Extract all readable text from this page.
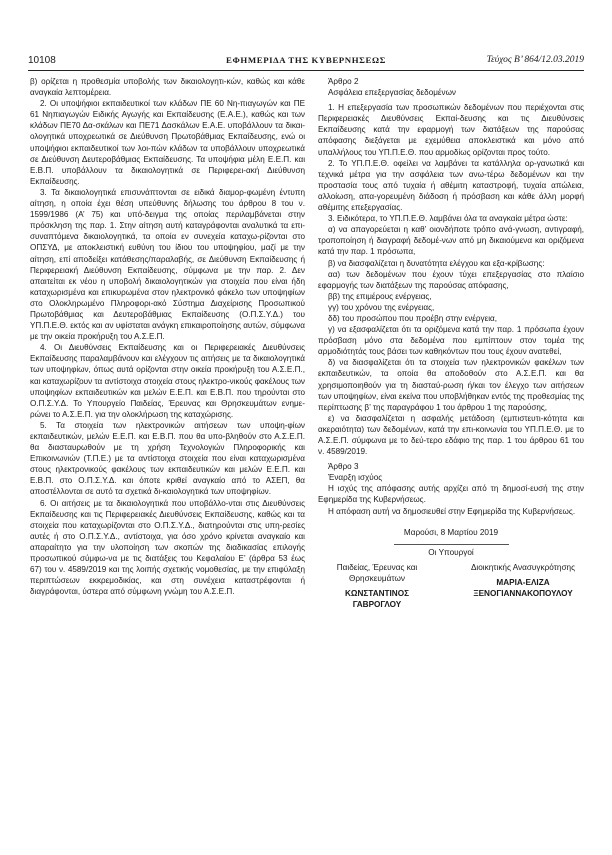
10108	ΕΦΗΜΕΡΙΔΑ ΤΗΣ ΚΥΒΕΡΝΗΣΕΩΣ	Τεύχος Β’ 864/12.03.2019

β) ορίζεται η προθεσμία υποβολής των δικαιολογητι-κών, καθώς και κάθε αναγκαία λεπτομέρεια.

2. Οι υποψήφιοι εκπαιδευτικοί των κλάδων ΠΕ 60 Νη-πιαγωγών και ΠΕ 61 Νηπιαγωγών Ειδικής Αγωγής και Εκπαίδευσης (Ε.Α.Ε.), καθώς και των κλάδων ΠΕ70 Δα-σκάλων και ΠΕ71 Δασκάλων Ε.Α.Ε. υποβάλλουν τα δικαι-ολογητικά υποχρεωτικά σε Διεύθυνση Πρωτοβάθμιας Εκπαίδευσης, ενώ οι υποψήφιοι εκπαιδευτικοί των λοι-πών κλάδων τα υποβάλλουν υποχρεωτικά σε Διεύθυνση Δευτεροβάθμιας Εκπαίδευσης. Τα υποψήφια μέλη Ε.Ε.Π. και Ε.Β.Π. υποβάλλουν τα δικαιολογητικά σε Περιφερει-ακή Διεύθυνση Εκπαίδευσης.

3. Τα δικαιολογητικά επισυνάπτονται σε ειδικά διαμορ-φωμένη έντυπη αίτηση, η οποία έχει θέση υπεύθυνης δήλωσης του άρθρου 8 του ν. 1599/1986 (Α’ 75) και υπό-δειγμα της οποίας περιλαμβάνεται στην πρόσκληση της παρ. 1. Στην αίτηση αυτή καταγράφονται αναλυτικά τα επι-συναπτόμενα δικαιολογητικά, τα οποία εν συνεχεία καταχω-ρίζονται στο ΟΠΣΥΔ, με αποκλειστική ευθύνη του ίδιου του υποψηφίου, μαζί με την αίτηση, επί αποδείξει κατάθεσης/παραλαβής, σε Διεύθυνση Εκπαίδευσης ή Περιφερειακή Διεύθυνση Εκπαίδευσης, σύμφωνα με την παρ. 2. Δεν απαιτείται εκ νέου η υποβολή δικαιολογητικών για στοιχεία που είναι ήδη καταχωρισμένα και επικυρωμένα στον ηλεκτρονικό φάκελο των υποψηφίων στο Ολοκληρωμένο Πληροφορι-ακό Σύστημα Διαχείρισης Προσωπικού Πρωτοβάθμιας και Δευτεροβάθμιας Εκπαίδευσης (Ο.Π.Σ.Υ.Δ.) του ΥΠ.Π.Ε.Θ. εκτός και αν υφίσταται ανάγκη επικαιροποίησης αυτών, σύμφωνα με την οικεία προκήρυξη του Α.Σ.Ε.Π.

4. Οι Διευθύνσεις Εκπαίδευσης και οι Περιφερειακές Διευθύνσεις Εκπαίδευσης παραλαμβάνουν και ελέγχουν τις αιτήσεις με τα δικαιολογητικά των υποψηφίων, όπως αυτά ορίζονται στην οικεία προκήρυξη του Α.Σ.Ε.Π., και καταχωρίζουν τα αντίστοιχα στοιχεία στους ηλεκτρο-νικούς φακέλους των υποψηφίων εκπαιδευτικών και μελών Ε.Ε.Π. και Ε.Β.Π. που τηρούνται στο Ο.Π.Σ.Υ.Δ. Το Υπουργείο Παιδείας, Έρευνας και Θρησκευμάτων ενημε-ρώνει το Α.Σ.Ε.Π. για την ολοκλήρωση της καταχώρισης.

5. Τα στοιχεία των ηλεκτρονικών αιτήσεων των υποψη-φίων εκπαιδευτικών, μελών Ε.Ε.Π. και Ε.Β.Π. που θα υπο-βληθούν στο Α.Σ.Ε.Π. θα διασταυρωθούν με τη χρήση Τεχνολογιών Πληροφορικής και Επικοινωνιών (Τ.Π.Ε.) με τα αντίστοιχα στοιχεία που είναι καταχωρισμένα στους ηλεκτρονικούς φακέλους των εκπαιδευτικών και μελών Ε.Ε.Π. και Ε.Β.Π. στο Ο.Π.Σ.Υ.Δ. και όποτε κριθεί αναγκαίο από το ΑΣΕΠ, θα αποστέλλονται σε αυτό τα σχετικά δι-καιολογητικά των υποψηφίων.

6. Οι αιτήσεις με τα δικαιολογητικά που υποβάλλο-νται στις Διευθύνσεις Εκπαίδευσης και τις Περιφερειακές Διευθύνσεις Εκπαίδευσης, καθώς και τα στοιχεία που καταχωρίζονται στο Ο.Π.Σ.Υ.Δ., διατηρούνται στις υπη-ρεσίες αυτές ή στο Ο.Π.Σ.Υ.Δ., αντίστοιχα, για όσο χρόνο κρίνεται αναγκαίο και απαραίτητο για την υλοποίηση των σκοπών της διαδικασίας επιλογής προσωπικού σύμφω-να με τις διατάξεις του Κεφαλαίου Ε’ (άρθρα 53 έως 67) του ν. 4589/2019 και της λοιπής σχετικής νομοθεσίας, με την επιφύλαξη περιπτώσεων εκκρεμοδικίας, και στη συνέχεια καταστρέφονται ή διαγράφονται, ύστερα από σύμφωνη γνώμη του Α.Σ.Ε.Π.

Άρθρο 2

Ασφάλεια επεξεργασίας δεδομένων

1. Η επεξεργασία των προσωπικών δεδομένων που περιέχονται στις Περιφερειακές Διευθύνσεις Εκπαί-δευσης και τις Διευθύνσεις Εκπαίδευσης κατά την εφαρμογή των διατάξεων της παρούσας απόφασης διεξάγεται με εχεμύθεια αποκλειστικά και μόνο από υπαλλήλους του ΥΠ.Π.Ε.Θ. που αρμοδίως ορίζονται προς τούτο.

2. Το ΥΠ.Π.Ε.Θ. οφείλει να λαμβάνει τα κατάλληλα ορ-γανωτικά και τεχνικά μέτρα για την ασφάλεια των ανω-τέρω δεδομένων και την προστασία τους από τυχαία ή αθέμιτη καταστροφή, τυχαία απώλεια, αλλοίωση, απα-γορευμένη διάδοση ή πρόσβαση και κάθε άλλη μορφή αθέμιτης επεξεργασίας.

3. Ειδικότερα, το ΥΠ.Π.Ε.Θ. λαμβάνει όλα τα αναγκαία μέτρα ώστε:

α) να απαγορεύεται η καθ’ οιονδήποτε τρόπο ανά-γνωση, αντιγραφή, τροποποίηση ή διαγραφή δεδομέ-νων από μη δικαιούμενα και οριζόμενα κατά την παρ. 1 πρόσωπα,

β) να διασφαλίζεται η δυνατότητα ελέγχου και εξα-κρίβωσης:

αα) των δεδομένων που έχουν τύχει επεξεργασίας στο πλαίσιο εφαρμογής των διατάξεων της παρούσας απόφασης,

ββ) της επιμέρους ενέργειας,

γγ) του χρόνου της ενέργειας,

δδ) του προσώπου που προέβη στην ενέργεια,

γ) να εξασφαλίζεται ότι τα οριζόμενα κατά την παρ. 1 πρόσωπα έχουν πρόσβαση μόνο στα δεδομένα που εμπίπτουν στον τομέα της αρμοδιότητάς τους βάσει των καθηκόντων που τους έχουν ανατεθεί,

δ) να διασφαλίζεται ότι τα στοιχεία των ηλεκτρονικών φακέλων των εκπαιδευτικών, τα οποία θα αποδοθούν στο Α.Σ.Ε.Π. και θα χρησιμοποιηθούν για τη διασταύ-ρωση ή/και τον έλεγχο των αιτήσεων των υποψηφίων, είναι εκείνα που υποβλήθηκαν εντός της προθεσμίας της περίπτωσης β’ της παραγράφου 1 του άρθρου 1 της παρούσης,

ε) να διασφαλίζεται η ασφαλής μετάδοση (εμπιστευτι-κότητα και ακεραιότητα) των δεδομένων, κατά την επι-κοινωνία του ΥΠ.Π.Ε.Θ. με το Α.Σ.Ε.Π. σύμφωνα με το δεύ-τερο εδάφιο της παρ. 1 του άρθρου 61 του ν. 4589/2019.

Άρθρο 3

Έναρξη ισχύος

Η ισχύς της απόφασης αυτής αρχίζει από τη δημοσί-ευσή της στην Εφημερίδα της Κυβερνήσεως.

Η απόφαση αυτή να δημοσιευθεί στην Εφημερίδα της Κυβερνήσεως.

Μαρούσι, 8 Μαρτίου 2019
Οι Υπουργοί
Παιδείας, Έρευνας και Θρησκευμάτων
ΚΩΝΣΤΑΝΤΙΝΟΣ ΓΑΒΡΟΓΛΟΥ
Διοικητικής Ανασυγκρότησης
ΜΑΡΙΑ-ΕΛΙΖΑ ΞΕΝΟΓΙΑΝΝΑΚΟΠΟΥΛΟΥ
